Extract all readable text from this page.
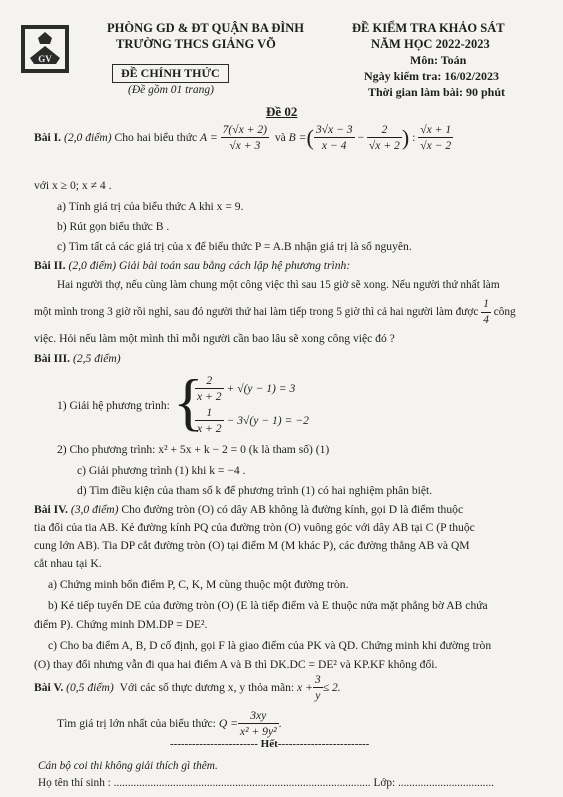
GV
PHÒNG GD & ĐT QUẬN BA ĐÌNH
TRƯỜNG THCS GIẢNG VÕ
ĐỀ CHÍNH THỨC
(Đề gồm 01 trang)
ĐỀ KIỂM TRA KHẢO SÁT
NĂM HỌC 2022-2023
Môn: Toán
Ngày kiểm tra: 16/02/2023
Thời gian làm bài: 90 phút
Đề 02
Bài I.
(2,0 điểm)
Cho hai biểu thức
A =
$\frac{7(√x + 2)}{√x + 3}$
và
B = ( $\frac{3√x - 3}{x - 4}$
−
$\frac{2}{√x + 2}$ )
:
$\frac{√x + 1}{√x - 2}$
với x ≥ 0; x ≠ 4 .
a) Tính giá trị của biểu thức A khi x = 9.
b) Rút gọn biểu thức B .
c) Tìm tất cả các giá trị của x để biểu thức P = A.B nhận giá trị là số nguyên.
Bài II. (2,0 điểm) Giải bài toán sau bằng cách lập hệ phương trình:
Hai người thợ, nếu cùng làm chung một công việc thì sau 15 giờ sẽ xong. Nếu người thứ nhất làm
một mình trong 3 giờ rồi nghỉ, sau đó người thứ hai làm tiếp trong 5 giờ thì cả hai người làm được
$\frac{1}{4}$
công
việc. Hỏi nếu làm một mình thì mỗi người cần bao lâu sẽ xong công việc đó ?
Bài III. (2,5 điểm)
1) Giải hệ phương trình: {
$\frac{2}{x + 2}$
+ √(y − 1) = 3
$\frac{1}{x + 2}$
− 3√(y − 1) = −2
2) Cho phương trình: x² + 5x + k − 2 = 0 (k là tham số) (1)
c) Giải phương trình (1) khi k = −4 .
d) Tìm điều kiện của tham số k để phương trình (1) có hai nghiệm phân biệt.
Bài IV. (3,0 điểm) Cho đường tròn (O) có dây AB không là đường kính, gọi D là điểm thuộc
tia đối của tia AB. Kẻ đường kính PQ của đường tròn (O) vuông góc với dây AB tại C (P thuộc
cung lớn AB). Tia DP cắt đường tròn (O) tại điểm M (M khác P), các đường thẳng AB và QM
cắt nhau tại K.
a) Chứng minh bốn điểm P, C, K, M cùng thuộc một đường tròn.
b) Kẻ tiếp tuyến DE của đường tròn (O) (E là tiếp điểm và E thuộc nửa mặt phẳng bờ AB chứa
điểm P). Chứng minh DM.DP = DE².
c) Cho ba điểm A, B, D cố định, gọi F là giao điểm của PK và QD. Chứng minh khi đường tròn
(O) thay đổi nhưng vẫn đi qua hai điểm A và B thì DK.DC = DE² và KP.KF không đổi.
Bài V.
(0,5 điểm)
Với các số thực dương x, y thỏa mãn:
$x + \frac{3}{y} \le 2$.
Tìm giá trị lớn nhất của biểu thức:
$Q = \frac{3xy}{\text{x² + 9y²}}$ .
------------------------ Hết-------------------------
Cán bộ coi thi không giải thích gì thêm.
Họ tên thí sinh : ........................................................................................... Lớp: ..................................
